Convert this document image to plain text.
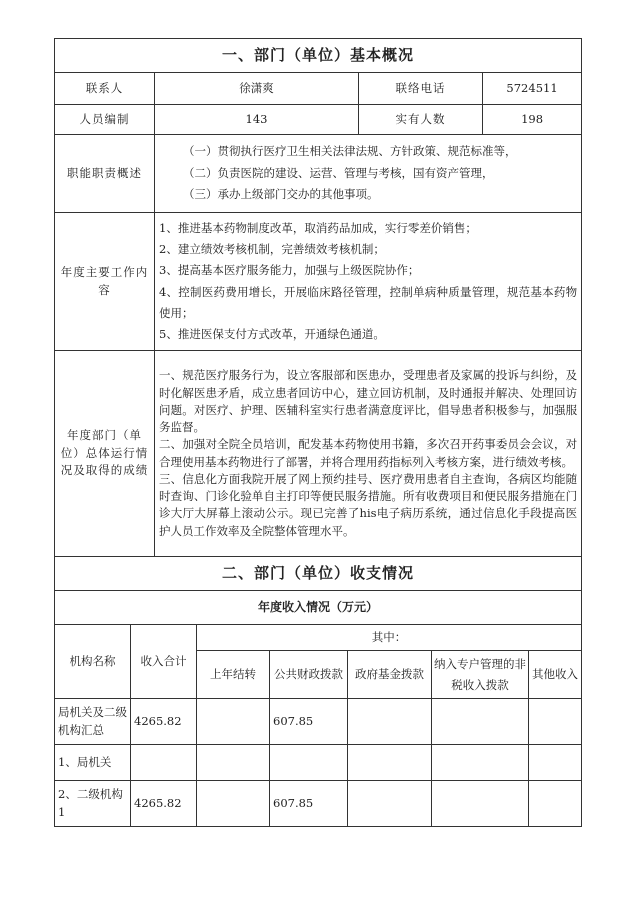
一、部门（单位）基本概况			
联系人	徐潇爽	联络电话	5724511
人员编制	143	实有人数	198
职能职责概述	（一）贯彻执行医疗卫生相关法律法规、方针政策、规范标准等，

（二）负责医院的建设、运营、管理与考核，国有资产管理，

（三）承办上级部门交办的其他事项。		

年度主要工作内容	1、推进基本药物制度改革，取消药品加成，实行零差价销售；

2、建立绩效考核机制，完善绩效考核机制；

3、提高基本医疗服务能力，加强与上级医院协作；

4、控制医药费用增长，开展临床路径管理，控制单病种质量管理，规范基本药物使用；

5、推进医保支付方式改革，开通绿色通道。		

年度部门（单位）总体运行情况及取得的成绩	一、规范医疗服务行为，设立客服部和医患办，受理患者及家属的投诉与纠纷，及时化解医患矛盾，成立患者回访中心，建立回访机制，及时通报并解决、处理回访问题。对医疗、护理、医辅科室实行患者满意度评比，倡导患者积极参与，加强服务监督。

二、加强对全院全员培训，配发基本药物使用书籍，多次召开药事委员会会议，对合理使用基本药物进行了部署，并将合理用药指标列入考核方案，进行绩效考核。

三、信息化方面我院开展了网上预约挂号、医疗费用患者自主查询，各病区均能随时查询、门诊化验单自主打印等便民服务措施。所有收费项目和便民服务措施在门诊大厅大屏幕上滚动公示。现已完善了his电子病历系统，通过信息化手段提高医护人员工作效率及全院整体管理水平。		

二、部门（单位）收支情况			
年度收入情况（万元）						
机构名称	收入合计	其中：				
		上年结转	公共财政拨款	政府基金拨款	纳入专户管理的非税收入拨款	其他收入
局机关及二级机构汇总	4265.82		607.85			
1、局机关						
2、二级机构1	4265.82		607.85			
